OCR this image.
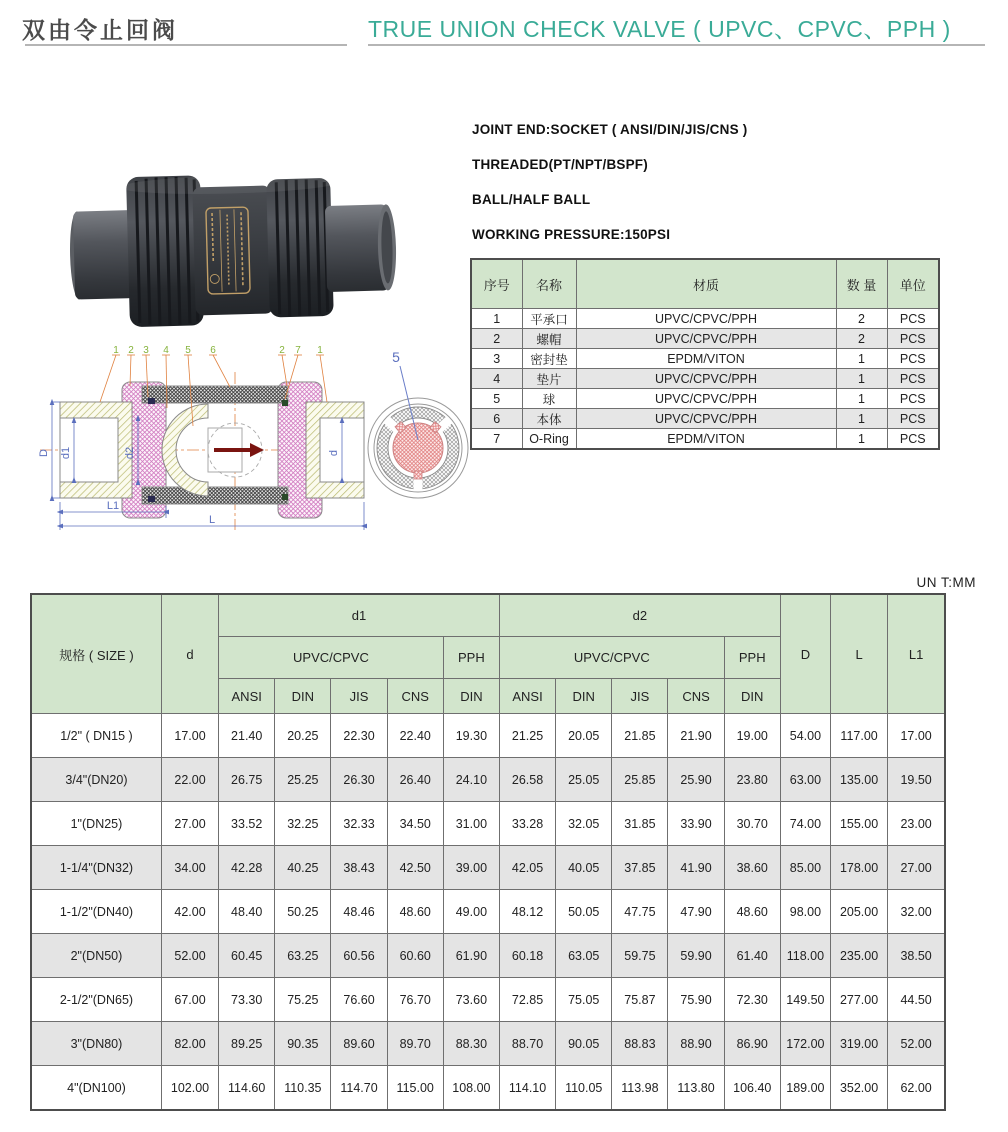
双由令止回阀	TRUE UNION CHECK VALVE ( UPVC、CPVC、PPH )
JOINT END:SOCKET ( ANSI/DIN/JIS/CNS )
THREADED(PT/NPT/BSPF)
BALL/HALF BALL
WORKING PRESSURE:150PSI
序号	名称	材质	数 量	单位
1	平承口	UPVC/CPVC/PPH	2	PCS
2	螺帽	UPVC/CPVC/PPH	2	PCS
3	密封垫	EPDM/VITON	1	PCS
4	垫片	UPVC/CPVC/PPH	1	PCS
5	球	UPVC/CPVC/PPH	1	PCS
6	本体	UPVC/CPVC/PPH	1	PCS
7	O-Ring	EPDM/VITON	1	PCS
1 2 3 4 5 6	2 7 1
D d1	d2	d
L1
L
5
UN T:MM
规格 ( SIZE )	d	d1					d2					D	L	L1
		UPVC/CPVC				PPH	UPVC/CPVC				PPH			
		ANSI	DIN	JIS	CNS	DIN	ANSI	DIN	JIS	CNS	DIN			
1/2" ( DN15 )	17.00	21.40	20.25	22.30	22.40	19.30	21.25	20.05	21.85	21.90	19.00	54.00	117.00	17.00
3/4"(DN20)	22.00	26.75	25.25	26.30	26.40	24.10	26.58	25.05	25.85	25.90	23.80	63.00	135.00	19.50
1"(DN25)	27.00	33.52	32.25	32.33	34.50	31.00	33.28	32.05	31.85	33.90	30.70	74.00	155.00	23.00
1-1/4"(DN32)	34.00	42.28	40.25	38.43	42.50	39.00	42.05	40.05	37.85	41.90	38.60	85.00	178.00	27.00
1-1/2"(DN40)	42.00	48.40	50.25	48.46	48.60	49.00	48.12	50.05	47.75	47.90	48.60	98.00	205.00	32.00
2"(DN50)	52.00	60.45	63.25	60.56	60.60	61.90	60.18	63.05	59.75	59.90	61.40	118.00	235.00	38.50
2-1/2"(DN65)	67.00	73.30	75.25	76.60	76.70	73.60	72.85	75.05	75.87	75.90	72.30	149.50	277.00	44.50
3"(DN80)	82.00	89.25	90.35	89.60	89.70	88.30	88.70	90.05	88.83	88.90	86.90	172.00	319.00	52.00
4"(DN100)	102.00	114.60	110.35	114.70	115.00	108.00	114.10	110.05	113.98	113.80	106.40	189.00	352.00	62.00
